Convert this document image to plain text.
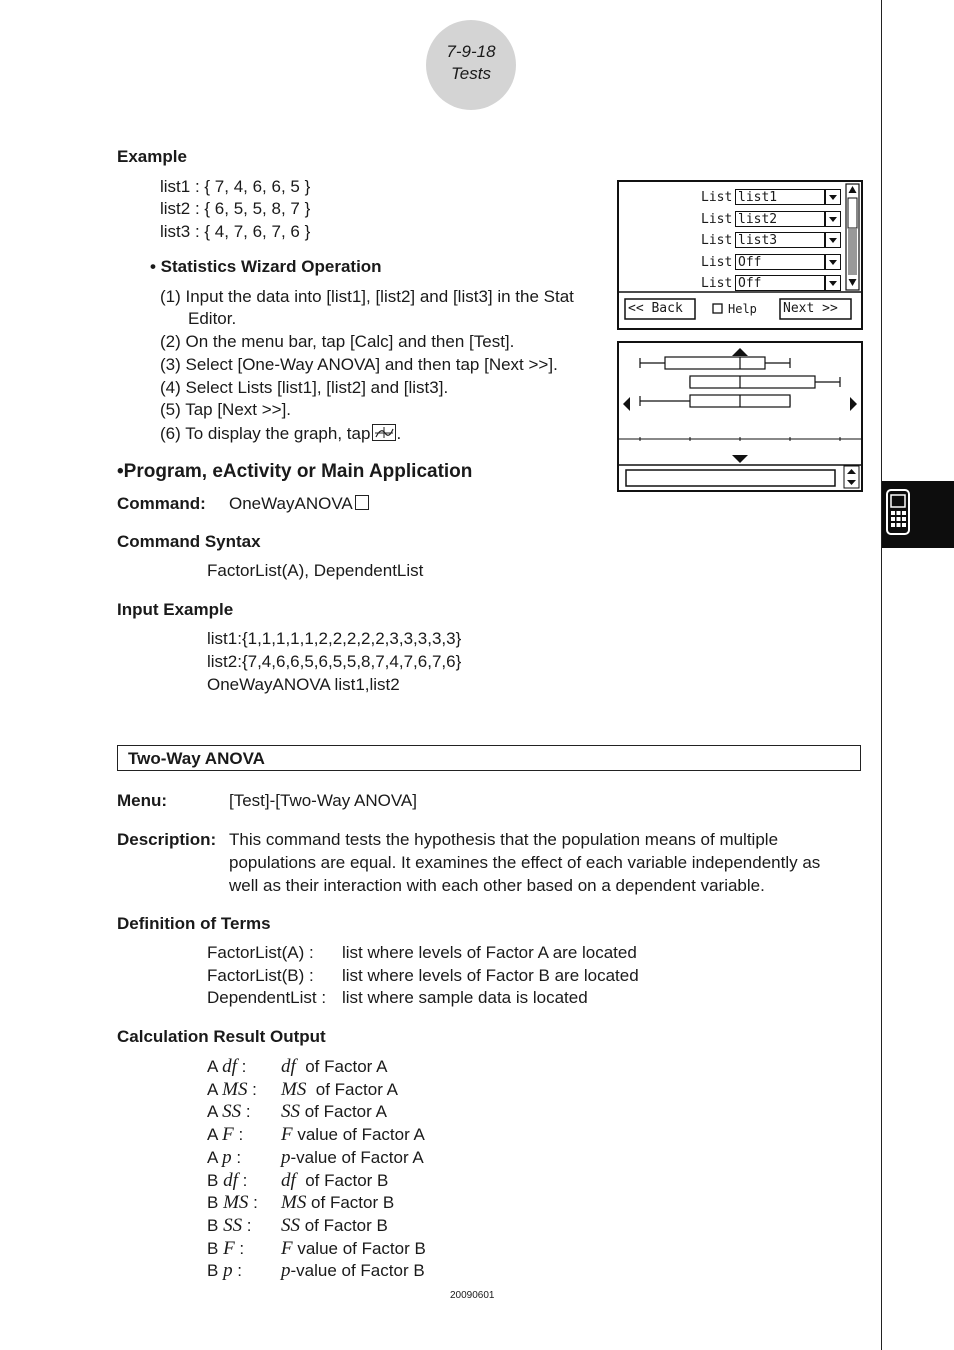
7-9-18
Tests
Example
list1 : { 7, 4, 6, 6, 5 }
list2 : { 6, 5, 5, 8, 7 }
list3 : { 4, 7, 6, 7, 6 }
• Statistics Wizard Operation
(1) Input the data into [list1], [list2] and [list3] in the Stat
Editor.
(2) On the menu bar, tap [Calc] and then [Test].
(3) Select [One-Way ANOVA] and then tap [Next >>].
(4) Select Lists [list1], [list2] and [list3].
(5) Tap [Next >>].
(6) To display the graph, tap .
List list1
List list2
List list3
List Off
List Off
<< Back	Help Next >>
•Program, eActivity or Main Application
Command: OneWayANOVA
Command Syntax
FactorList(A), DependentList
Input Example
list1:{1,1,1,1,1,2,2,2,2,2,3,3,3,3,3}
list2:{7,4,6,6,5,6,5,5,8,7,4,7,6,7,6}
OneWayANOVA list1,list2
Two-Way ANOVA
Menu:	[Test]-[Two-Way ANOVA]
Description: This command tests the hypothesis that the population means of multiple
populations are equal. It examines the effect of each variable independently as
well as their interaction with each other based on a dependent variable.
Definition of Terms
FactorList(A) : list where levels of Factor A are located
FactorList(B) : list where levels of Factor B are located
DependentList : list where sample data is located
Calculation Result Output
A df : df  of Factor A
A MS : MS  of Factor A
A SS : SS of Factor A
A F : F value of Factor A
A p : p-value of Factor A
B df : df  of Factor B
B MS : MS of Factor B
B SS : SS of Factor B
B F : F value of Factor B
B p : p-value of Factor B
20090601
